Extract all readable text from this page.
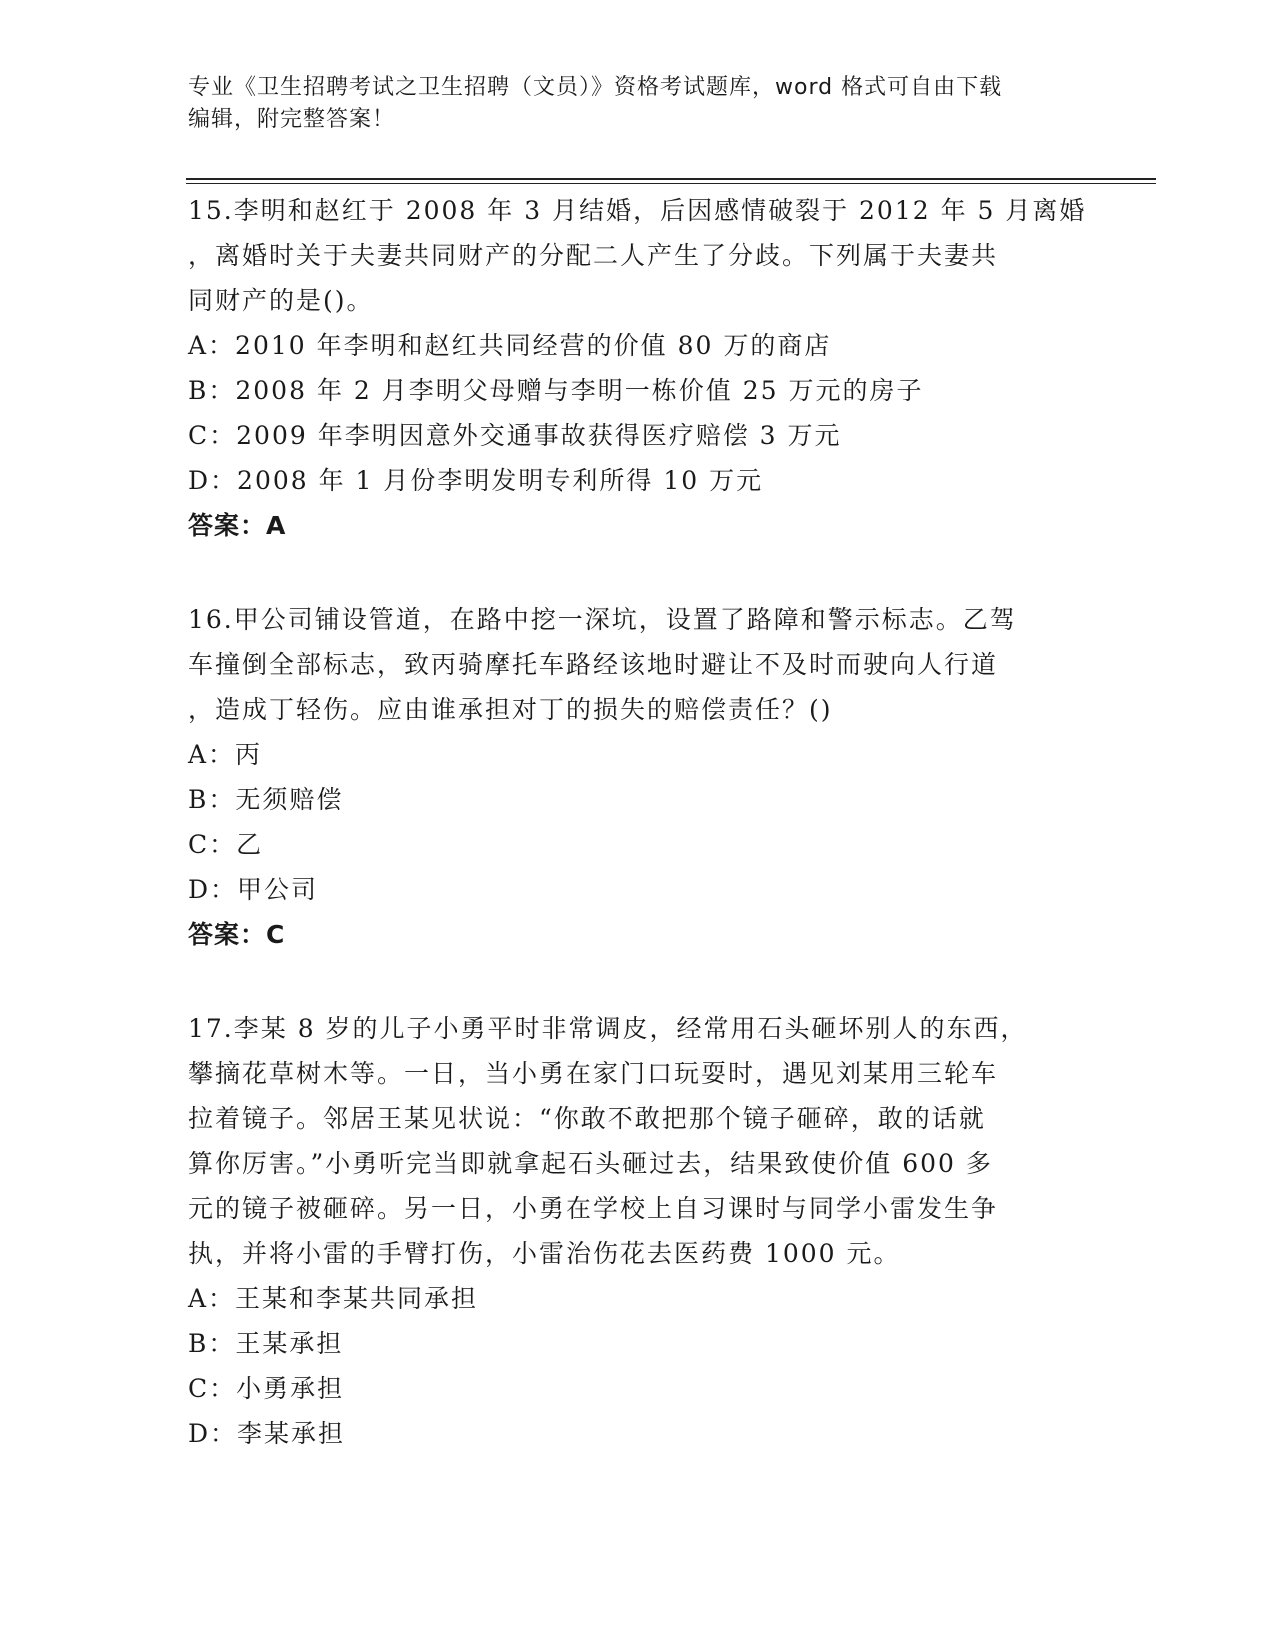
专业《卫生招聘考试之卫生招聘（文员）》资格考试题库，word 格式可自由下载
编辑，附完整答案！

15.李明和赵红于 2008 年 3 月结婚，后因感情破裂于 2012 年 5 月离婚

，离婚时关于夫妻共同财产的分配二人产生了分歧。下列属于夫妻共

同财产的是()。

A：2010 年李明和赵红共同经营的价值 80 万的商店

B：2008 年 2 月李明父母赠与李明一栋价值 25 万元的房子

C：2009 年李明因意外交通事故获得医疗赔偿 3 万元

D：2008 年 1 月份李明发明专利所得 10 万元

答案：A

16.甲公司铺设管道，在路中挖一深坑，设置了路障和警示标志。乙驾

车撞倒全部标志，致丙骑摩托车路经该地时避让不及时而驶向人行道

，造成丁轻伤。应由谁承担对丁的损失的赔偿责任？()

A：丙

B：无须赔偿

C：乙

D：甲公司

答案：C

17.李某 8 岁的儿子小勇平时非常调皮，经常用石头砸坏别人的东西，

攀摘花草树木等。一日，当小勇在家门口玩耍时，遇见刘某用三轮车

拉着镜子。邻居王某见状说：“你敢不敢把那个镜子砸碎，敢的话就

算你厉害。”小勇听完当即就拿起石头砸过去，结果致使价值 600 多

元的镜子被砸碎。另一日，小勇在学校上自习课时与同学小雷发生争

执，并将小雷的手臂打伤，小雷治伤花去医药费 1000 元。

A：王某和李某共同承担

B：王某承担

C：小勇承担

D：李某承担
